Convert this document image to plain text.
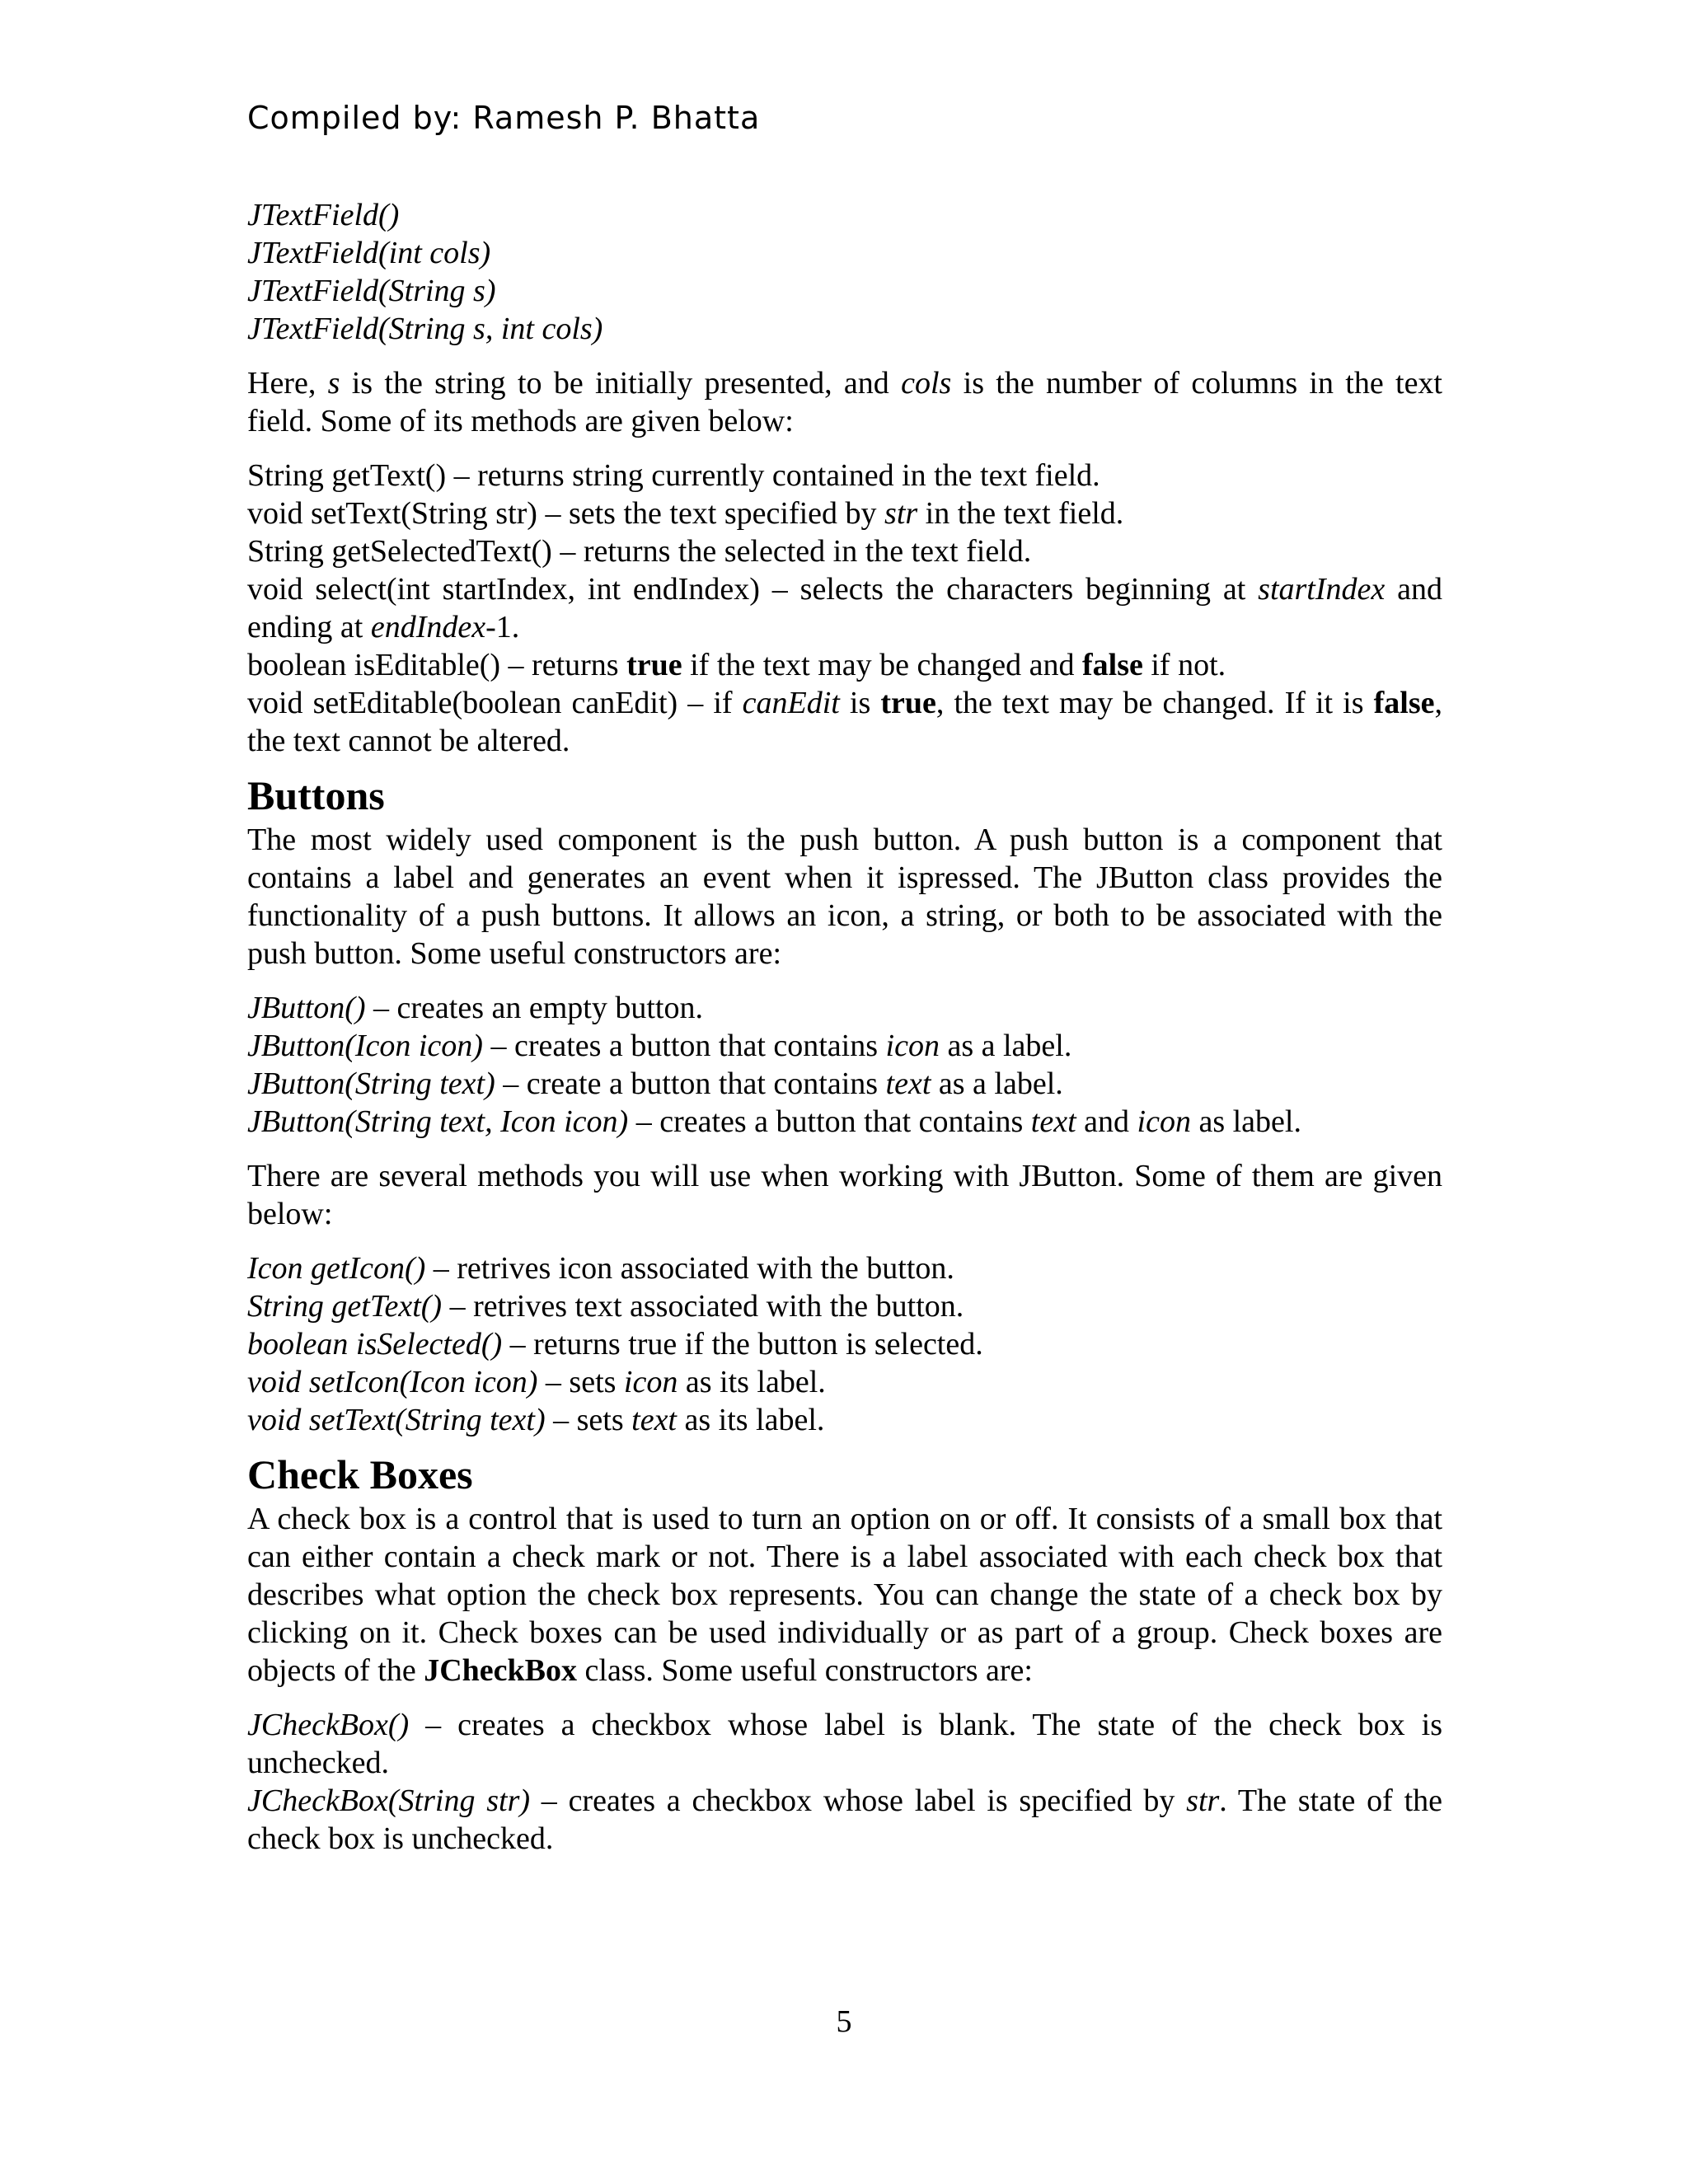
Compiled by: Ramesh P. Bhatta
JTextField()
JTextField(int cols)
JTextField(String s)
JTextField(String s, int cols)

Here, s is the string to be initially presented, and cols is the number of columns in the text field. Some of its methods are given below:

String getText() – returns string currently contained in the text field.
void setText(String str) – sets the text specified by str in the text field.
String getSelectedText() – returns the selected in the text field.
void select(int startIndex, int endIndex) – selects the characters beginning at startIndex and ending at endIndex-1.
boolean isEditable() – returns true if the text may be changed and false if not.
void setEditable(boolean canEdit) – if canEdit is true, the text may be changed. If it is false, the text cannot be altered.
Buttons

The most widely used component is the push button. A push button is a component that contains a label and generates an event when it ispressed. The JButton class provides the functionality of a push buttons. It allows an icon, a string, or both to be associated with the push button. Some useful constructors are:

JButton() – creates an empty button.
JButton(Icon icon) – creates a button that contains icon as a label.
JButton(String text) – create a button that contains text as a label.
JButton(String text, Icon icon) – creates a button that contains text and icon as label.

There are several methods you will use when working with JButton. Some of them are given below:

Icon getIcon() – retrives icon associated with the button.
String getText() – retrives text associated with the button.
boolean isSelected() – returns true if the button is selected.
void setIcon(Icon icon) – sets icon as its label.
void setText(String text) – sets text as its label.
Check Boxes

A check box is a control that is used to turn an option on or off. It consists of a small box that can either contain a check mark or not. There is a label associated with each check box that describes what option the check box represents. You can change the state of a check box by clicking on it. Check boxes can be used individually or as part of a group. Check boxes are objects of the JCheckBox class. Some useful constructors are:

JCheckBox() – creates a checkbox whose label is blank. The state of the check box is unchecked.
JCheckBox(String str) – creates a checkbox whose label is specified by str. The state of the check box is unchecked.
5
